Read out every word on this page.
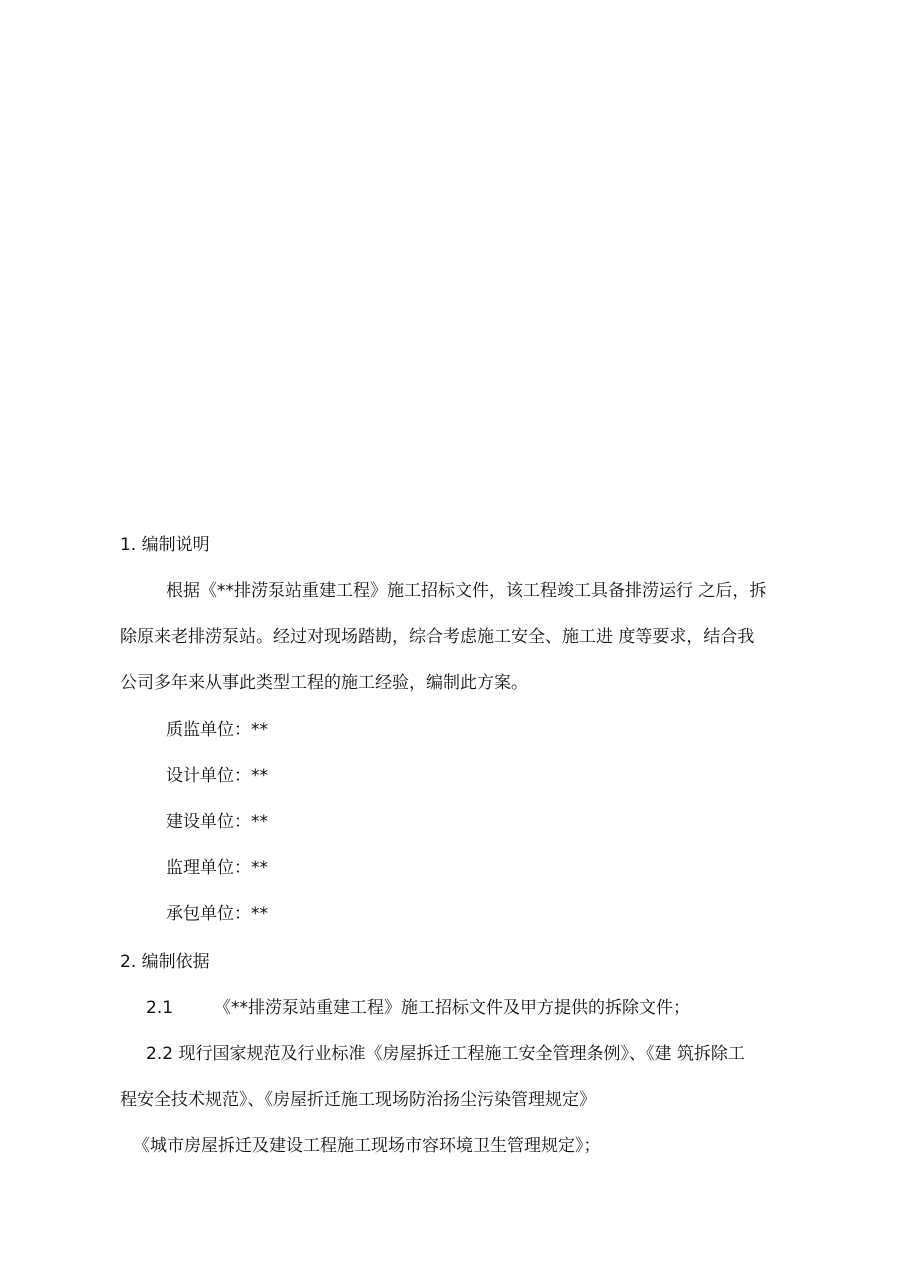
1. 编制说明
根据《**排涝泵站重建工程》施工招标文件，该工程竣工具备排涝运行 之后，拆
除原来老排涝泵站。经过对现场踏勘，综合考虑施工安全、施工进 度等要求，结合我
公司多年来从事此类型工程的施工经验，编制此方案。
质监单位：**
设计单位：**
建设单位：**
监理单位：**
承包单位：**
2. 编制依据
2.1 《**排涝泵站重建工程》施工招标文件及甲方提供的拆除文件；
2.2 现行国家规范及行业标准《房屋拆迁工程施工安全管理条例》、《建 筑拆除工
程安全技术规范》、《房屋折迁施工现场防治扬尘污染管理规定》
《城市房屋拆迁及建设工程施工现场市容环境卫生管理规定》；
